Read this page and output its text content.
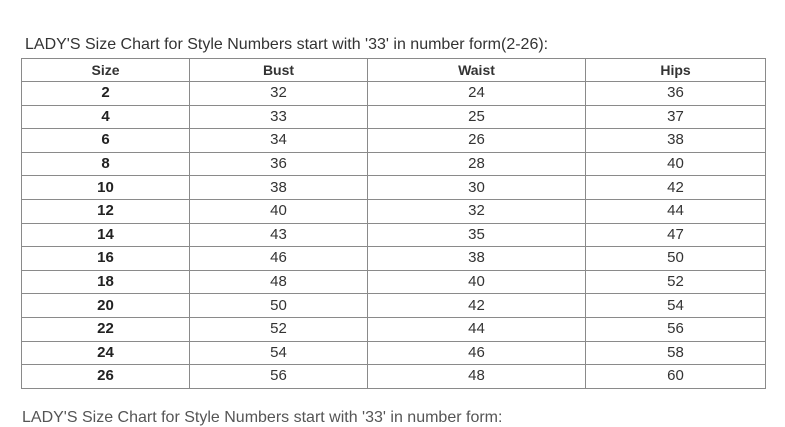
LADY'S Size Chart for Style Numbers start with '33' in number form(2-26):
Size	Bust	Waist	Hips
2	32	24	36
4	33	25	37
6	34	26	38
8	36	28	40
10	38	30	42
12	40	32	44
14	43	35	47
16	46	38	50
18	48	40	52
20	50	42	54
22	52	44	56
24	54	46	58
26	56	48	60
LADY'S Size Chart for Style Numbers start with '33' in number form:
